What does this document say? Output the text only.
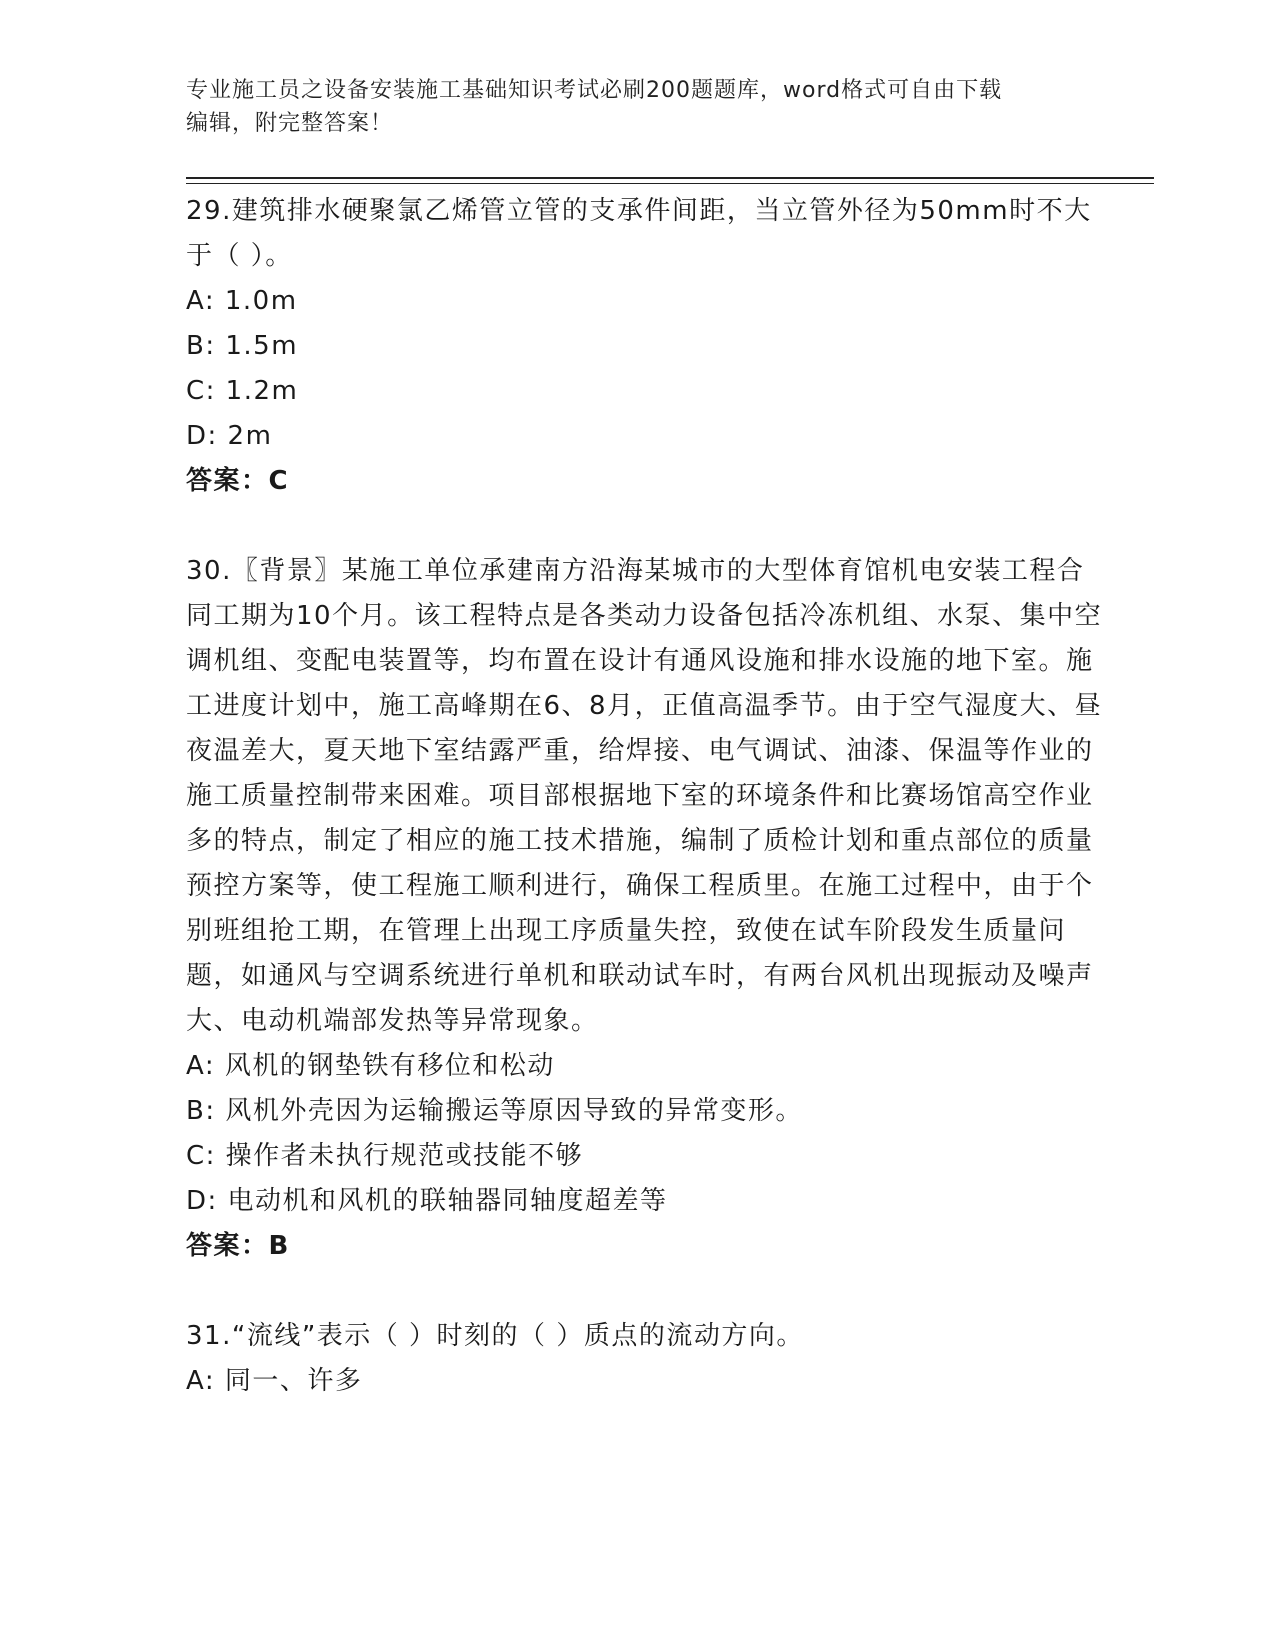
专业施工员之设备安装施工基础知识考试必刷200题题库，word格式可自由下载
编辑，附完整答案！

29.建筑排水硬聚氯乙烯管立管的支承件间距，当立管外径为50mm时不大于（ ）。

A: 1.0m

B: 1.5m

C: 1.2m

D: 2m

答案：C

30.〖背景〗某施工单位承建南方沿海某城市的大型体育馆机电安装工程合同工期为10个月。该工程特点是各类动力设备包括冷冻机组、水泵、集中空调机组、变配电装置等，均布置在设计有通风设施和排水设施的地下室。施工进度计划中，施工高峰期在6、8月，正值高温季节。由于空气湿度大、昼夜温差大，夏天地下室结露严重，给焊接、电气调试、油漆、保温等作业的施工质量控制带来困难。项目部根据地下室的环境条件和比赛场馆高空作业多的特点，制定了相应的施工技术措施，编制了质检计划和重点部位的质量预控方案等，使工程施工顺利进行，确保工程质里。在施工过程中，由于个别班组抢工期，在管理上出现工序质量失控，致使在试车阶段发生质量问题，如通风与空调系统进行单机和联动试车时，有两台风机出现振动及噪声大、电动机端部发热等异常现象。

A: 风机的钢垫铁有移位和松动

B: 风机外壳因为运输搬运等原因导致的异常变形。

C: 操作者未执行规范或技能不够

D: 电动机和风机的联轴器同轴度超差等

答案：B

31.“流线”表示（ ）时刻的（ ）质点的流动方向。

A: 同一、许多
